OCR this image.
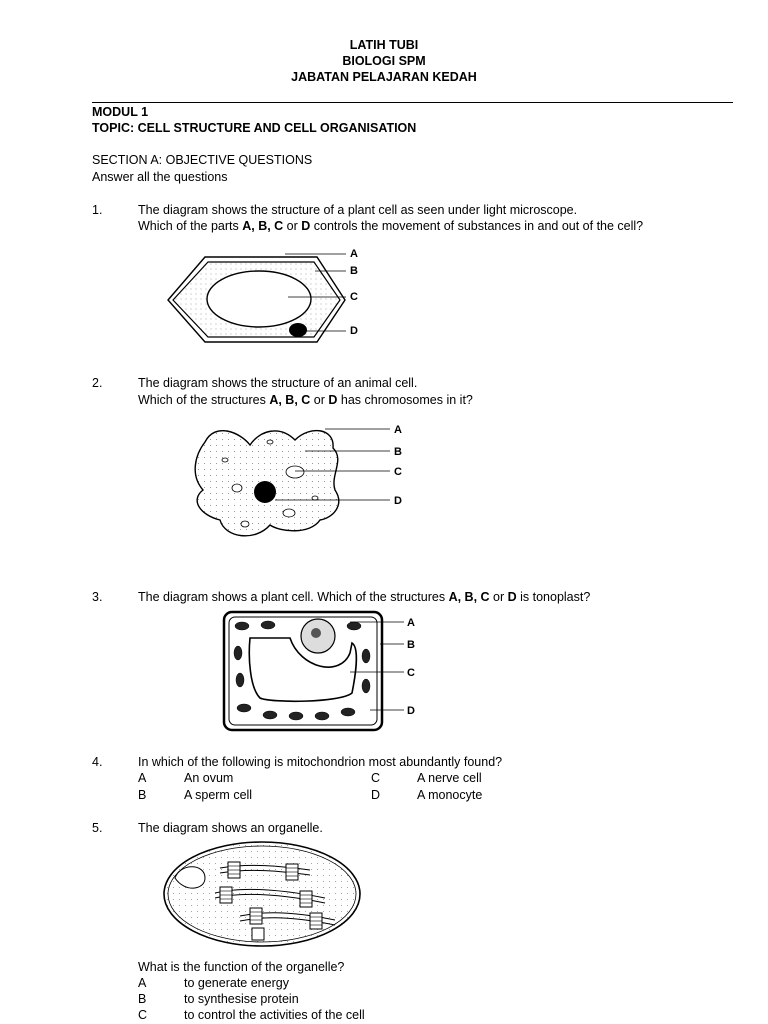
LATIH TUBI
BIOLOGI SPM
JABATAN PELAJARAN KEDAH
MODUL 1
TOPIC: CELL STRUCTURE AND CELL ORGANISATION
SECTION A: OBJECTIVE QUESTIONS
Answer all the questions
1.	The diagram shows the structure of a plant cell as seen under light microscope.
Which of the parts A, B, C or D controls the movement of substances in and out of the cell?
A
B
C
D
2.	The diagram shows the structure of an animal cell.
Which of the structures A, B, C or D has chromosomes in it?
A
B
C
D
3.	The diagram shows a plant cell. Which of the structures A, B, C or D is tonoplast?
A
B
C
D
4.	In which of the following is mitochondrion most abundantly found?
A	An ovum
B	A sperm cell
C	A nerve cell
D	A monocyte
5.	The diagram shows an organelle.
What is the function of the organelle?
A	to generate energy
B	to synthesise protein
C	to control the activities of the cell
